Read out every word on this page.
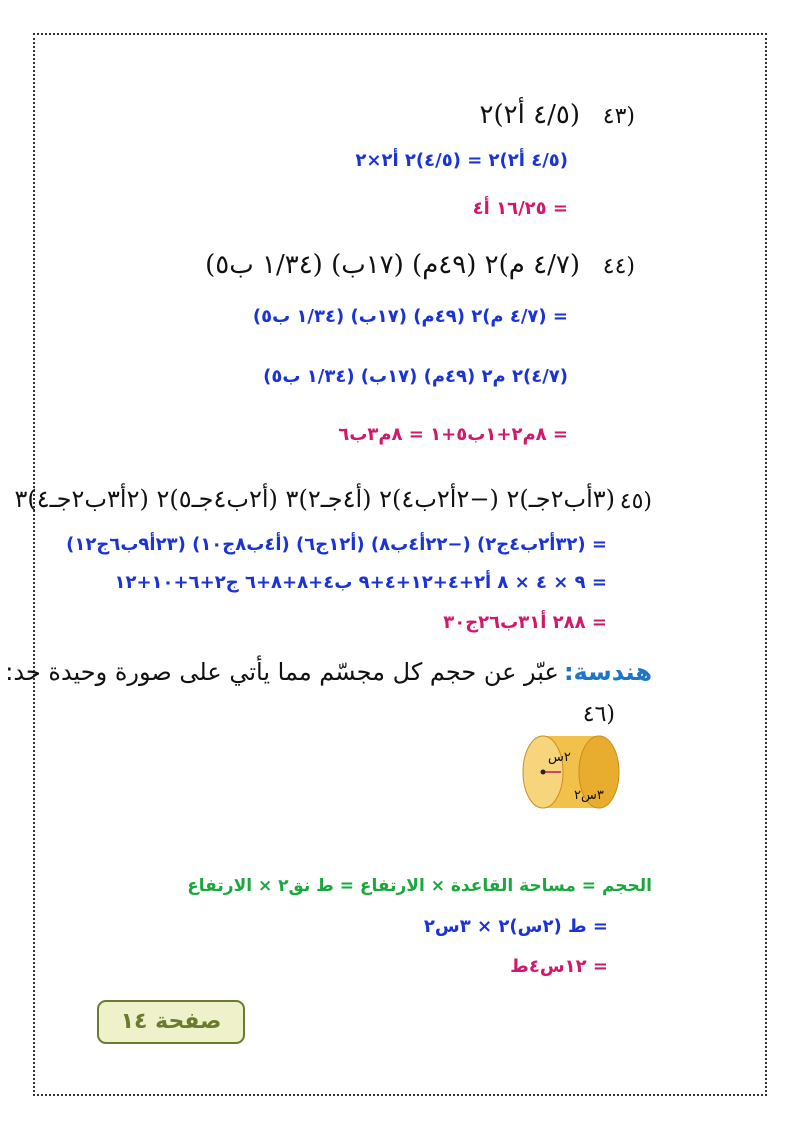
(٤/٥ أ٢)٢ ٤٣)
(٤/٥ أ٢)٢ = (٤/٥)٢ أ٢×٢
= ١٦/٢٥ أ٤
(٤/٧ م)٢ (٤٩م) (١٧ب) (١/٣٤ ب٥) ٤٤)
= (٤/٧ م)٢ (٤٩م) (١٧ب) (١/٣٤ ب٥)
(٤/٧)٢ م٢ (٤٩م) (١٧ب) (١/٣٤ ب٥)
= ٨م٢+١ب٥+١ = ٨م٣ب٦
(٣أب٢جـ)٢ (−٢أ٢ب٤)٢ (أ٤جـ٢)٣ (أ٢ب٤جـ٥)٢ (٢أ٣ب٢جـ٤)٣ ٤٥)
= (٣٢أ٢ب٤ج٢) (−٢٢أ٤ب٨) (أ١٢ج٦) (أ٤ب٨ج١٠) (٢٣أ٩ب٦ج١٢)
= ٩ × ٤ × ٨ أ٢+٤+١٢+٤+٩ ب٤+٨+٨+٦ ج٢+٦+١٠+١٢
= ٢٨٨ أ٣١ب٢٦ج٣٠
هندسة: عبّر عن حجم كل مجسّم مما يأتي على صورة وحيدة حد:
٤٦)
٢س
٣س٢
الحجم = مساحة القاعدة × الارتفاع = ط نق٢ × الارتفاع
= ط (٢س)٢ × ٣س٢
= ١٢س٤ط
صفحة ١٤
